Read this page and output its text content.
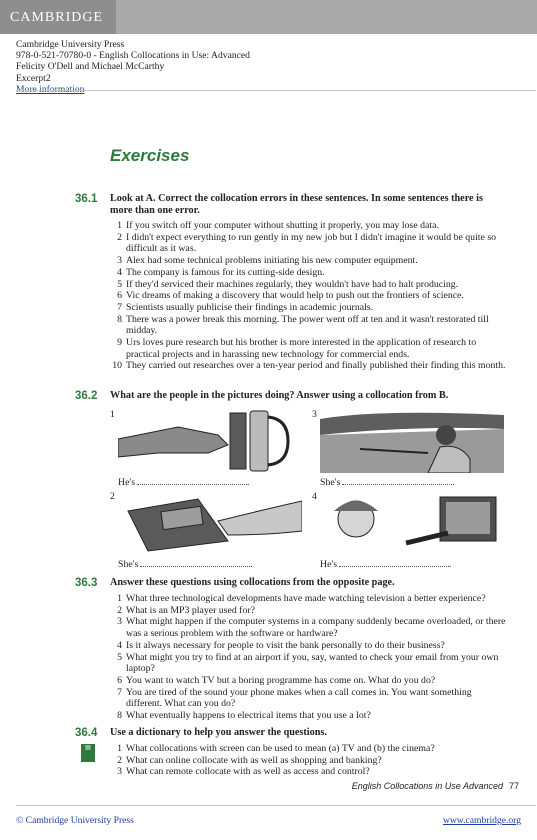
CAMBRIDGE
Cambridge University Press
978-0-521-70780-0 - English Collocations in Use: Advanced
Felicity O'Dell and Michael McCarthy
Excerpt2
Exercises
36.1 Look at A. Correct the collocation errors in these sentences. In some sentences there is more than one error.
1 If you switch off your computer without shutting it properly, you may lose data.
2 I didn't expect everything to run gently in my new job but I didn't imagine it would be quite so difficult as it was.
3 Alex had some technical problems initiating his new computer equipment.
4 The company is famous for its cutting-side design.
5 If they'd serviced their machines regularly, they wouldn't have had to halt producing.
6 Vic dreams of making a discovery that would help to push out the frontiers of science.
7 Scientists usually publicise their findings in academic journals.
8 There was a power break this morning. The power went off at ten and it wasn't restorated till midday.
9 Urs loves pure research but his brother is more interested in the application of research to practical projects and in harassing new technology for commercial ends.
10 They carried out researches over a ten-year period and finally published their finding this month.
36.2 What are the people in the pictures doing? Answer using a collocation from B.
1
He's	.
3
She's	.
2
She's	.
4
He's	.
36.3 Answer these questions using collocations from the opposite page.
1 What three technological developments have made watching television a better experience?
2 What is an MP3 player used for?
3 What might happen if the computer systems in a company suddenly became overloaded, or there was a serious problem with the software or hardware?
4 Is it always necessary for people to visit the bank personally to do their business?
5 What might you try to find at an airport if you, say, wanted to check your email from your own laptop?
6 You want to watch TV but a boring programme has come on. What do you do?
7 You are tired of the sound your phone makes when a call comes in. You want something different. What can you do?
8 What eventually happens to electrical items that you use a lot?
36.4
▤
Use a dictionary to help you answer the questions.
1 What collocations with screen can be used to mean (a) TV and (b) the cinema?
2 What can online collocate with as well as shopping and banking?
3 What can remote collocate with as well as access and control?
English Collocations in Use Advanced 77
© Cambridge University Press	www.cambridge.org
